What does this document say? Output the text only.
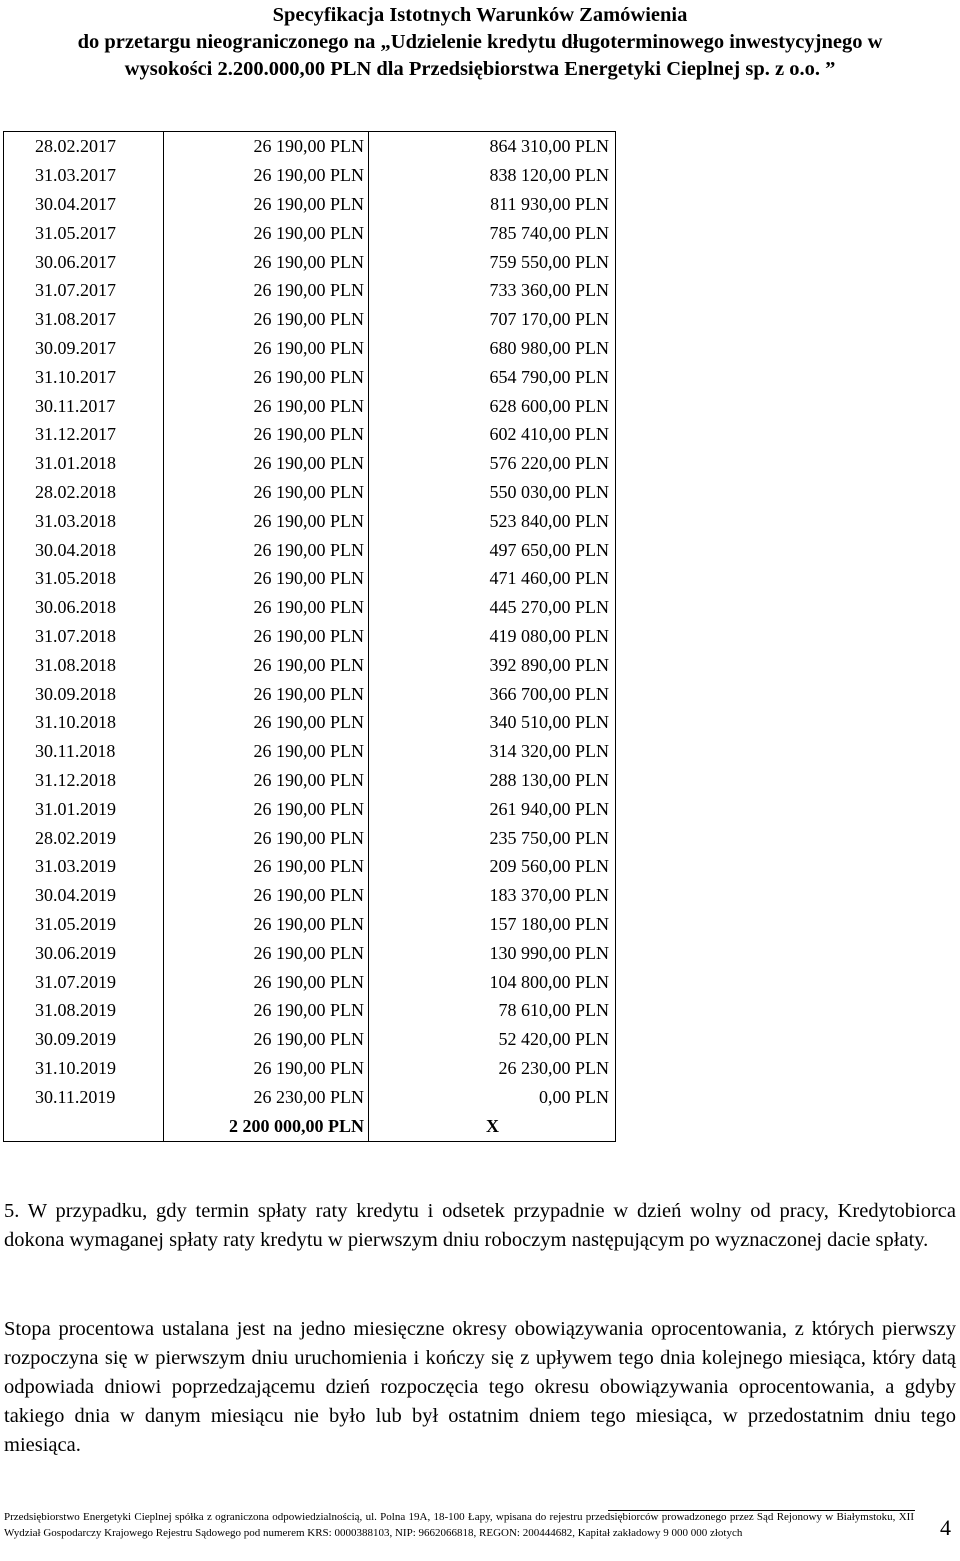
Specyfikacja Istotnych Warunków Zamówienia
do przetargu nieograniczonego na „Udzielenie kredytu długoterminowego inwestycyjnego w
wysokości 2.200.000,00 PLN dla Przedsiębiorstwa Energetyki Cieplnej sp. z o.o. ”

28.02.2017	26 190,00 PLN	864 310,00 PLN
31.03.2017	26 190,00 PLN	838 120,00 PLN
30.04.2017	26 190,00 PLN	811 930,00 PLN
31.05.2017	26 190,00 PLN	785 740,00 PLN
30.06.2017	26 190,00 PLN	759 550,00 PLN
31.07.2017	26 190,00 PLN	733 360,00 PLN
31.08.2017	26 190,00 PLN	707 170,00 PLN
30.09.2017	26 190,00 PLN	680 980,00 PLN
31.10.2017	26 190,00 PLN	654 790,00 PLN
30.11.2017	26 190,00 PLN	628 600,00 PLN
31.12.2017	26 190,00 PLN	602 410,00 PLN
31.01.2018	26 190,00 PLN	576 220,00 PLN
28.02.2018	26 190,00 PLN	550 030,00 PLN
31.03.2018	26 190,00 PLN	523 840,00 PLN
30.04.2018	26 190,00 PLN	497 650,00 PLN
31.05.2018	26 190,00 PLN	471 460,00 PLN
30.06.2018	26 190,00 PLN	445 270,00 PLN
31.07.2018	26 190,00 PLN	419 080,00 PLN
31.08.2018	26 190,00 PLN	392 890,00 PLN
30.09.2018	26 190,00 PLN	366 700,00 PLN
31.10.2018	26 190,00 PLN	340 510,00 PLN
30.11.2018	26 190,00 PLN	314 320,00 PLN
31.12.2018	26 190,00 PLN	288 130,00 PLN
31.01.2019	26 190,00 PLN	261 940,00 PLN
28.02.2019	26 190,00 PLN	235 750,00 PLN
31.03.2019	26 190,00 PLN	209 560,00 PLN
30.04.2019	26 190,00 PLN	183 370,00 PLN
31.05.2019	26 190,00 PLN	157 180,00 PLN
30.06.2019	26 190,00 PLN	130 990,00 PLN
31.07.2019	26 190,00 PLN	104 800,00 PLN
31.08.2019	26 190,00 PLN	78 610,00 PLN
30.09.2019	26 190,00 PLN	52 420,00 PLN
31.10.2019	26 190,00 PLN	26 230,00 PLN
30.11.2019	26 230,00 PLN	0,00 PLN
	2 200 000,00 PLN	X

5. W przypadku, gdy termin spłaty raty kredytu i odsetek przypadnie w dzień wolny od pracy, Kredytobiorca dokona wymaganej spłaty raty kredytu w pierwszym dniu roboczym następującym po wyznaczonej dacie spłaty.

Stopa procentowa ustalana jest na jedno miesięczne okresy obowiązywania oprocentowania, z których pierwszy rozpoczyna się w pierwszym dniu uruchomienia i kończy się z upływem tego dnia kolejnego miesiąca, który datą odpowiada dniowi poprzedzającemu dzień rozpoczęcia tego okresu obowiązywania oprocentowania, a gdyby takiego dnia w danym miesiącu nie było lub był ostatnim dniem tego miesiąca, w przedostatnim dniu tego miesiąca.

Przedsiębiorstwo Energetyki Cieplnej spółka z ograniczona odpowiedzialnością, ul. Polna 19A, 18-100 Łapy, wpisana do rejestru przedsiębiorców prowadzonego przez Sąd Rejonowy w Białymstoku, XII Wydział Gospodarczy Krajowego Rejestru Sądowego pod numerem KRS: 0000388103, NIP: 9662066818, REGON: 200444682, Kapitał zakładowy 9 000 000 złotych	4
